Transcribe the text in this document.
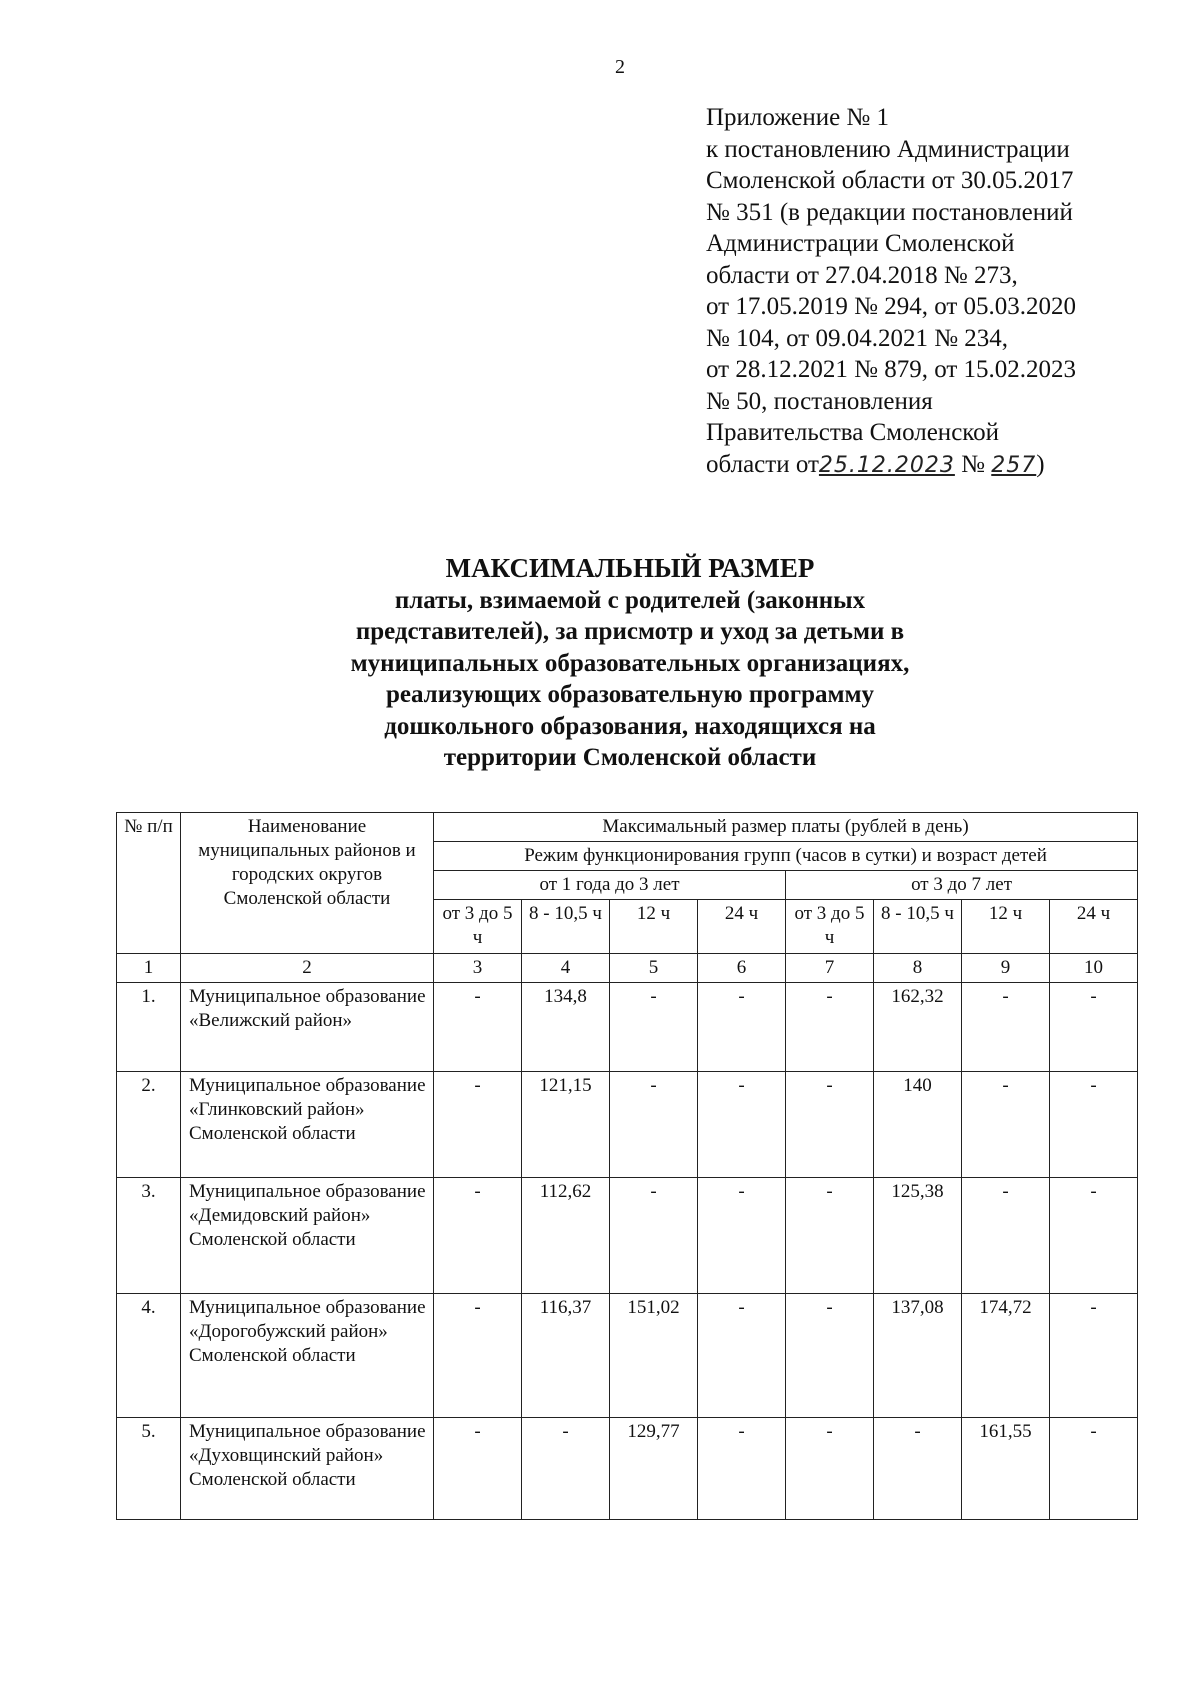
2
Приложение № 1
к постановлению Администрации
Смоленской области от 30.05.2017
№ 351 (в редакции постановлений
Администрации Смоленской
области от 27.04.2018 № 273,
от 17.05.2019 № 294, от 05.03.2020
№ 104, от 09.04.2021 № 234,
от 28.12.2021 № 879, от 15.02.2023
№ 50, постановления
Правительства Смоленской
области от25.12.2023 № 257)
МАКСИМАЛЬНЫЙ РАЗМЕР
платы, взимаемой с родителей (законных
представителей), за присмотр и уход за детьми в
муниципальных образовательных организациях,
реализующих образовательную программу
дошкольного образования, находящихся на
территории Смоленской области
№ п/п	Наименование муниципальных районов и городских округов Смоленской области	Максимальный размер платы (рублей в день)							
		Режим функционирования групп (часов в сутки) и возраст детей							
		от 1 года до 3 лет				от 3 до 7 лет			
		от 3 до 5 ч	8 - 10,5 ч	12 ч	24 ч	от 3 до 5 ч	8 - 10,5 ч	12 ч	24 ч
1	2	3	4	5	6	7	8	9	10
1.	Муниципальное образование «Велижский район»	-	134,8	-	-	-	162,32	-	-
2.	Муниципальное образование «Глинковский район» Смоленской области	-	121,15	-	-	-	140	-	-
3.	Муниципальное образование «Демидовский район» Смоленской области	-	112,62	-	-	-	125,38	-	-
4.	Муниципальное образование «Дорогобужский район» Смоленской области	-	116,37	151,02	-	-	137,08	174,72	-
5.	Муниципальное образование «Духовщинский район» Смоленской области	-	-	129,77	-	-	-	161,55	-
